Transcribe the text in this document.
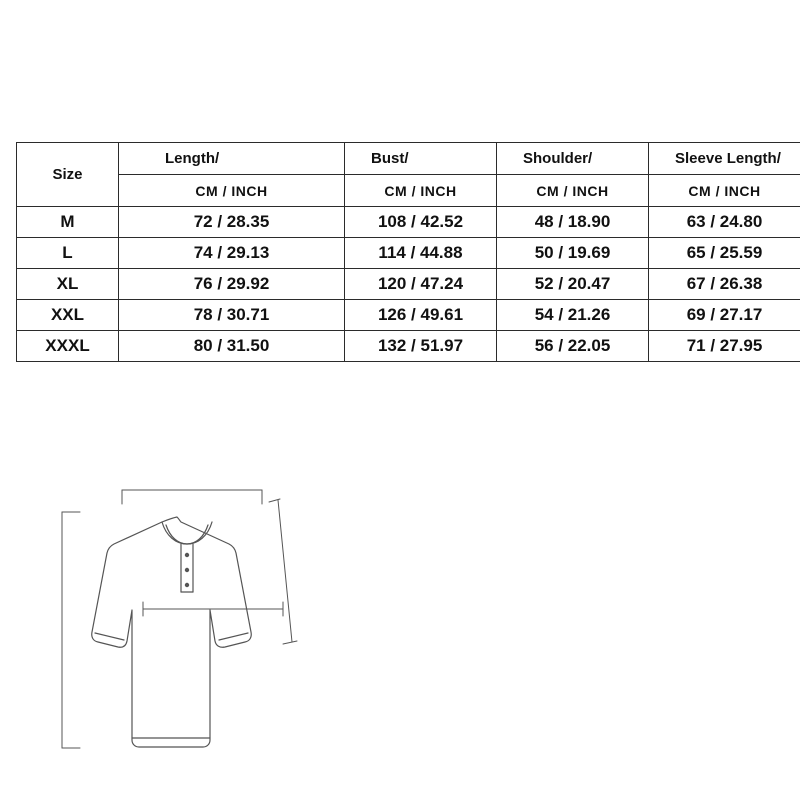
Size	Length/	Bust/	Shoulder/	Sleeve Length/

	CM / INCH	CM / INCH	CM / INCH	CM / INCH
M	72 / 28.35	108 / 42.52	48 / 18.90	63 / 24.80
L	74 / 29.13	114 / 44.88	50 / 19.69	65 / 25.59
XL	76 / 29.92	120 / 47.24	52 / 20.47	67 / 26.38
XXL	78 / 30.71	126 / 49.61	54 / 21.26	69 / 27.17
XXXL	80 / 31.50	132 / 51.97	56 / 22.05	71 / 27.95
